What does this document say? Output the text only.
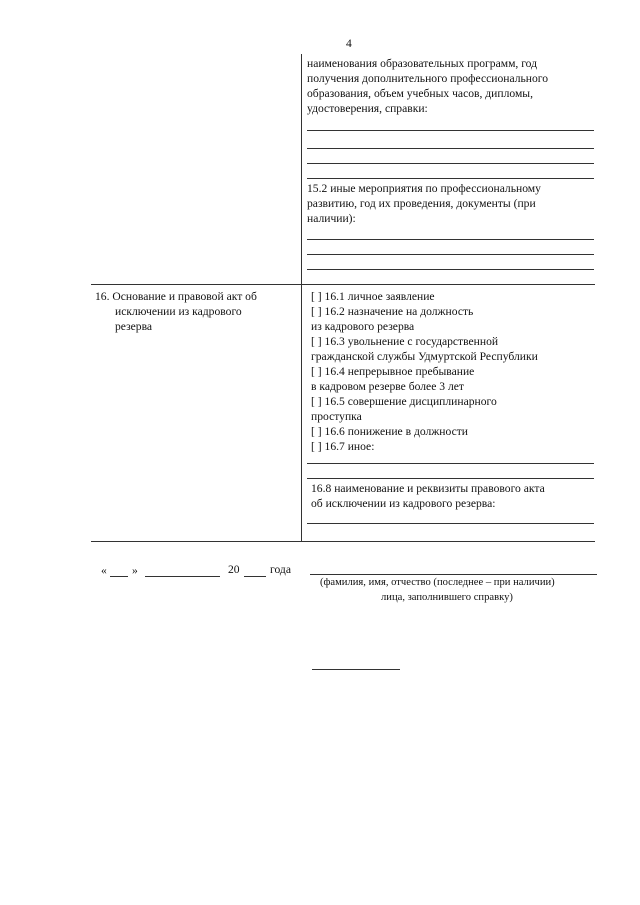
4
наименования образовательных программ, год
получения дополнительного профессионального
образования, объем учебных часов, дипломы,
удостоверения, справки:
15.2 иные мероприятия по профессиональному
развитию, год их проведения, документы (при
наличии):
16. Основание и правовой акт об
исключении из кадрового
резерва
[ ] 16.1 личное заявление
[ ] 16.2 назначение на должность
из кадрового резерва
[ ] 16.3 увольнение с государственной
гражданской службы Удмуртской Республики
[ ] 16.4 непрерывное пребывание
в кадровом резерве более 3 лет
[ ] 16.5 совершение дисциплинарного
проступка
[ ] 16.6 понижение в должности
[ ] 16.7 иное:
16.8 наименование и реквизиты правового акта
об исключении из кадрового резерва:
« »	20	года
(фамилия, имя, отчество (последнее – при наличии)
лица, заполнившего справку)
